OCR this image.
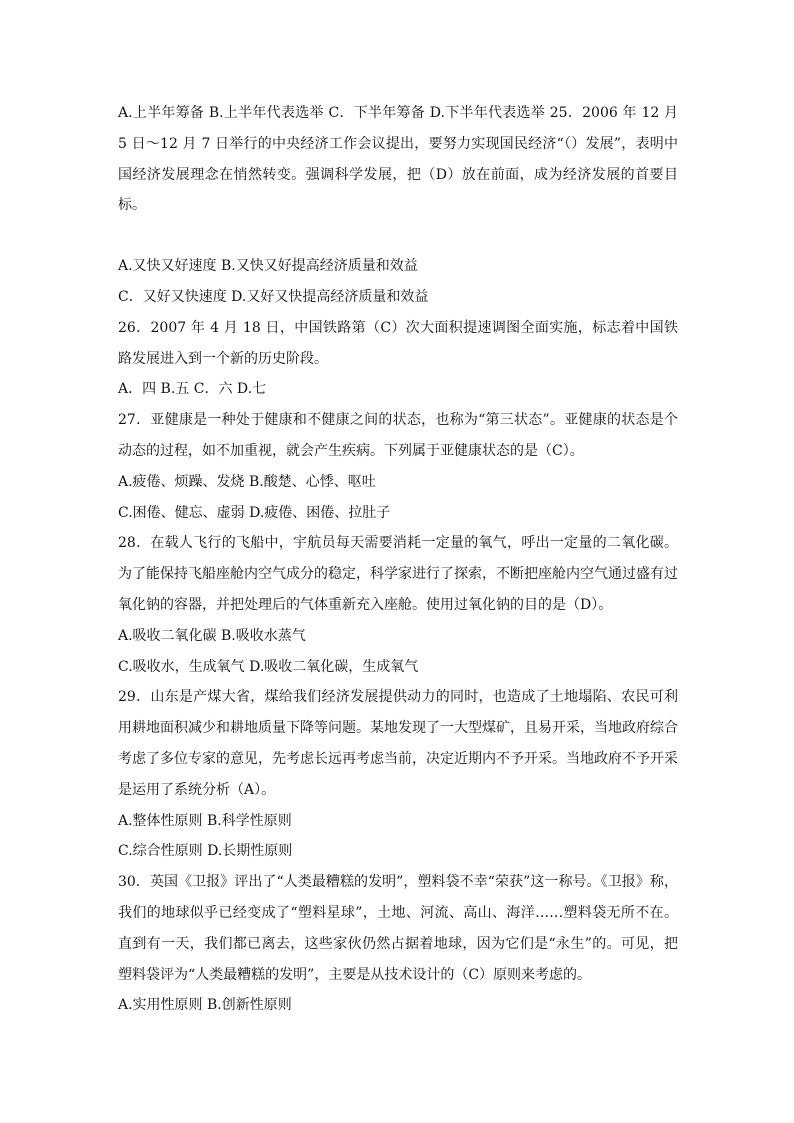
A.上半年筹备 B.上半年代表选举 C．下半年筹备 D.下半年代表选举 25．2006 年 12 月 5 日～12 月 7 日举行的中央经济工作会议提出，要努力实现国民经济“（）发展”，表明中国经济发展理念在悄然转变。强调科学发展，把（D）放在前面，成为经济发展的首要目标。

A.又快又好速度 B.又快又好提高经济质量和效益

C．又好又快速度 D.又好又快提高经济质量和效益

26．2007 年 4 月 18 日，中国铁路第（C）次大面积提速调图全面实施，标志着中国铁路发展进入到一个新的历史阶段。

A．四 B.五 C．六 D.七

27．亚健康是一种处于健康和不健康之间的状态，也称为“第三状态”。亚健康的状态是个动态的过程，如不加重视，就会产生疾病。下列属于亚健康状态的是（C）。

A.疲倦、烦躁、发烧 B.酸楚、心悸、呕吐

C.困倦、健忘、虚弱 D.疲倦、困倦、拉肚子

28．在载人飞行的飞船中，宇航员每天需要消耗一定量的氧气，呼出一定量的二氧化碳。为了能保持飞船座舱内空气成分的稳定，科学家进行了探索，不断把座舱内空气通过盛有过氧化钠的容器，并把处理后的气体重新充入座舱。使用过氧化钠的目的是（D）。

A.吸收二氧化碳 B.吸收水蒸气

C.吸收水，生成氧气 D.吸收二氧化碳，生成氧气

29．山东是产煤大省，煤给我们经济发展提供动力的同时，也造成了土地塌陷、农民可利用耕地面积减少和耕地质量下降等问题。某地发现了一大型煤矿，且易开采，当地政府综合考虑了多位专家的意见，先考虑长远再考虑当前，决定近期内不予开采。当地政府不予开采是运用了系统分析（A）。

A.整体性原则 B.科学性原则

C.综合性原则 D.长期性原则

30．英国《卫报》评出了“人类最糟糕的发明”，塑料袋不幸“荣获”这一称号。《卫报》称， 我们的地球似乎已经变成了“塑料星球”，土地、河流、高山、海洋……塑料袋无所不在。直到有一天，我们都已离去，这些家伙仍然占据着地球，因为它们是“永生”的。可见，把塑料袋评为“人类最糟糕的发明”，主要是从技术设计的（C）原则来考虑的。

A.实用性原则 B.创新性原则
